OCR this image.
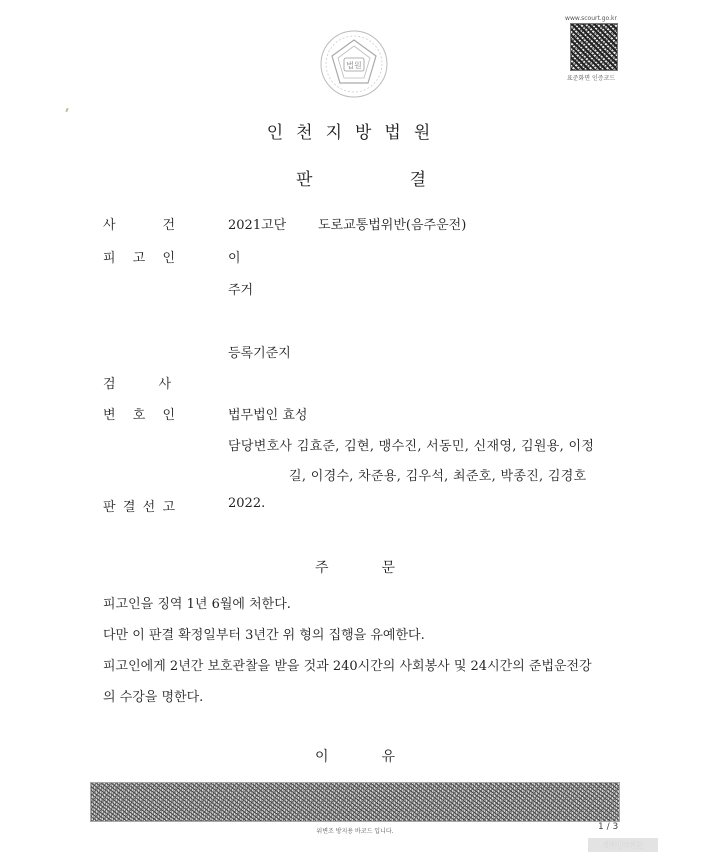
법원
www.scourt.go.kr
표준화면 인증코드
인천지방법원
판	결
사	건	2021고단 도로교통법위반(음주운전)
피 고 인	이
주거
등록기준지
검	사
변 호 인	법무법인 효성
담당변호사 김효준, 김현, 맹수진, 서동민, 신재영, 김원용, 이정
길, 이경수, 차준용, 김우석, 최준호, 박종진, 김경호
판 결 선 고	2022.
주	문
피고인을 징역 1년 6월에 처한다.
다만 이 판결 확정일부터 3년간 위 형의 집행을 유예한다.
피고인에게 2년간 보호관찰을 받을 것과 240시간의 사회봉사 및 24시간의 준법운전강
의 수강을 명한다.
이	유
위변조 방지용 바코드 입니다.	1 / 3
대한민국법원
